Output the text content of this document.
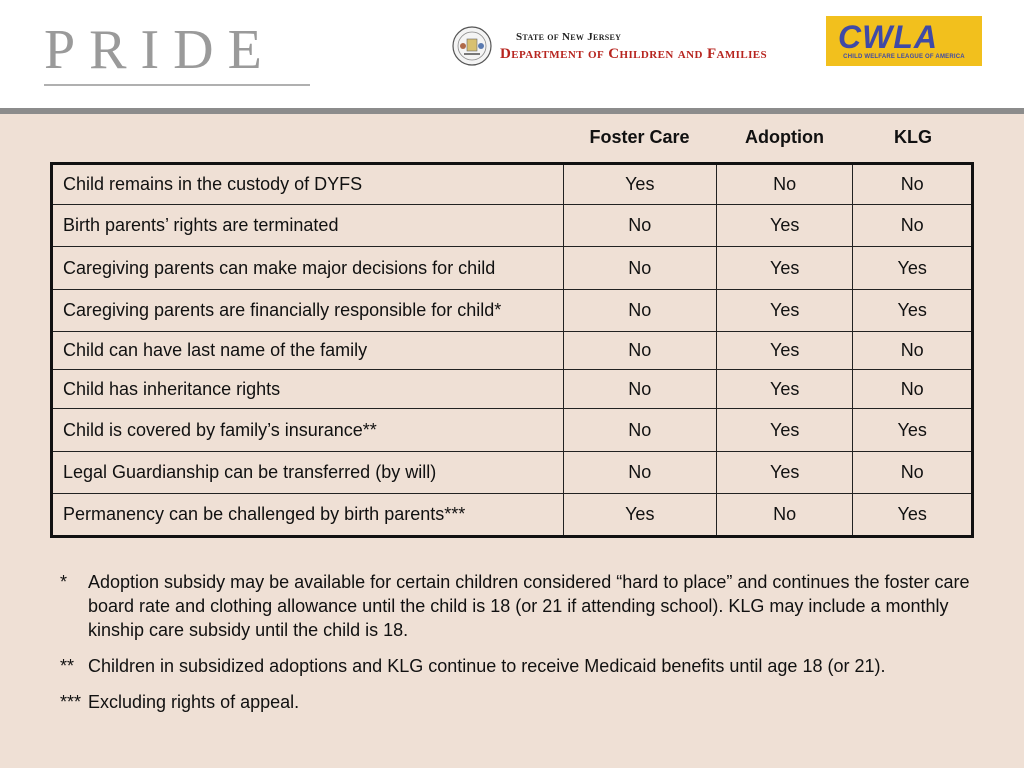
PRIDE	State of New Jersey
Department of Children and Families CWLA
CHILD WELFARE LEAGUE OF AMERICA
Foster Care	Adoption	KLG
Child remains in the custody of DYFS	Yes	No	No
Birth parents’ rights are terminated	No	Yes	No
Caregiving parents can make major decisions for child	No	Yes	Yes
Caregiving parents are financially responsible for child*	No	Yes	Yes
Child can have last name of the family	No	Yes	No
Child has inheritance rights	No	Yes	No
Child is covered by family’s insurance**	No	Yes	Yes
Legal Guardianship can be transferred (by will)	No	Yes	No
Permanency can be challenged by birth parents***	Yes	No	Yes
*	Adoption subsidy may be available for certain children considered “hard to place” and continues the foster care board rate and clothing allowance until the child is 18 (or 21 if attending school). KLG may include a monthly kinship care subsidy until the child is 18.
** Children in subsidized adoptions and KLG continue to receive Medicaid benefits until age 18 (or 21).
*** Excluding rights of appeal.
